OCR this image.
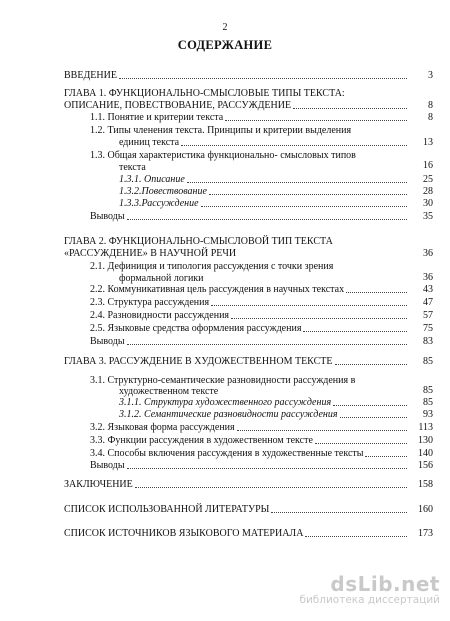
2
СОДЕРЖАНИЕ
ВВЕДЕНИЕ	3
ГЛАВА 1. ФУНКЦИОНАЛЬНО-СМЫСЛОВЫЕ ТИПЫ ТЕКСТА:
ОПИСАНИЕ, ПОВЕСТВОВАНИЕ, РАССУЖДЕНИЕ	8
1.1. Понятие и критерии текста	8
1.2. Типы членения текста. Принципы и критерии выделения
единиц текста	13
1.3. Общая характеристика функционально- смысловых типов
текста	16
1.3.1. Описание	25
1.3.2.Повествование	28
1.3.3.Рассуждение	30
Выводы	35
ГЛАВА 2. ФУНКЦИОНАЛЬНО-СМЫСЛОВОЙ ТИП ТЕКСТА
«РАССУЖДЕНИЕ» В НАУЧНОЙ РЕЧИ	36
2.1. Дефиниция и типология рассуждения с точки зрения
формальной логики	36
2.2. Коммуникативная цель рассуждения в научных текстах	43
2.3. Структура рассуждения	47
2.4. Разновидности рассуждения	57
2.5. Языковые средства оформления рассуждения	75
Выводы	83
ГЛАВА 3. РАССУЖДЕНИЕ В ХУДОЖЕСТВЕННОМ ТЕКСТЕ	85
3.1. Структурно-семантические разновидности рассуждения в
художественном тексте	85
3.1.1. Структура художественного рассуждения	85
3.1.2. Семантические разновидности рассуждения	93
3.2. Языковая форма рассуждения	113
3.3. Функции рассуждения в художественном тексте	130
3.4. Способы включения рассуждения в художественные тексты	140
Выводы	156
ЗАКЛЮЧЕНИЕ	158
СПИСОК ИСПОЛЬЗОВАННОЙ ЛИТЕРАТУРЫ	160
СПИСОК ИСТОЧНИКОВ ЯЗЫКОВОГО МАТЕРИАЛА	173
dsLib.net
библиотека диссертаций
